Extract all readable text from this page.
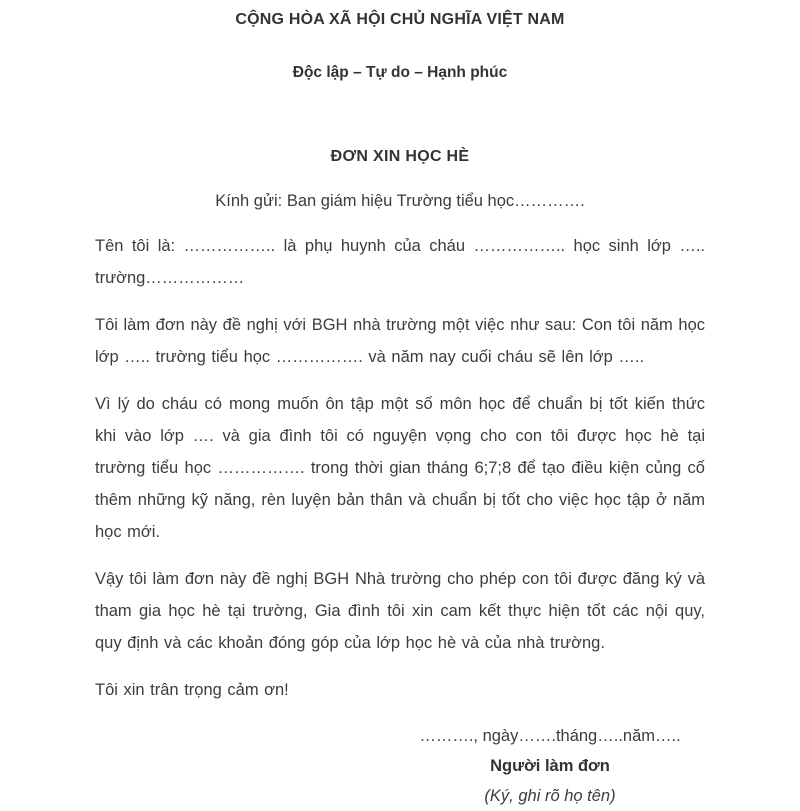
CỘNG HÒA XÃ HỘI CHỦ NGHĨA VIỆT NAM
Độc lập – Tự do – Hạnh phúc
ĐƠN XIN HỌC HÈ
Kính gửi: Ban giám hiệu Trường tiểu học………….

Tên tôi là: …………….. là phụ huynh của cháu …………….. học sinh lớp ….. trường………………

Tôi làm đơn này đề nghị với BGH nhà trường một việc như sau: Con tôi năm học lớp ….. trường tiểu học ……………. và năm nay cuối cháu sẽ lên lớp …..

Vì lý do cháu có mong muốn ôn tập một số môn học để chuẩn bị tốt kiến thức khi vào lớp …. và gia đình tôi có nguyện vọng cho con tôi được học hè tại trường tiểu học ……………. trong thời gian tháng 6;7;8 để tạo điều kiện củng cố thêm những kỹ năng, rèn luyện bản thân và chuẩn bị tốt cho việc học tập ở năm học mới.

Vậy tôi làm đơn này đề nghị BGH Nhà trường cho phép con tôi được đăng ký và tham gia học hè tại trường, Gia đình tôi xin cam kết thực hiện tốt các nội quy, quy định và các khoản đóng góp của lớp học hè và của nhà trường.

Tôi xin trân trọng cảm ơn!

………., ngày…….tháng…..năm…..

Người làm đơn

(Ký, ghi rõ họ tên)
